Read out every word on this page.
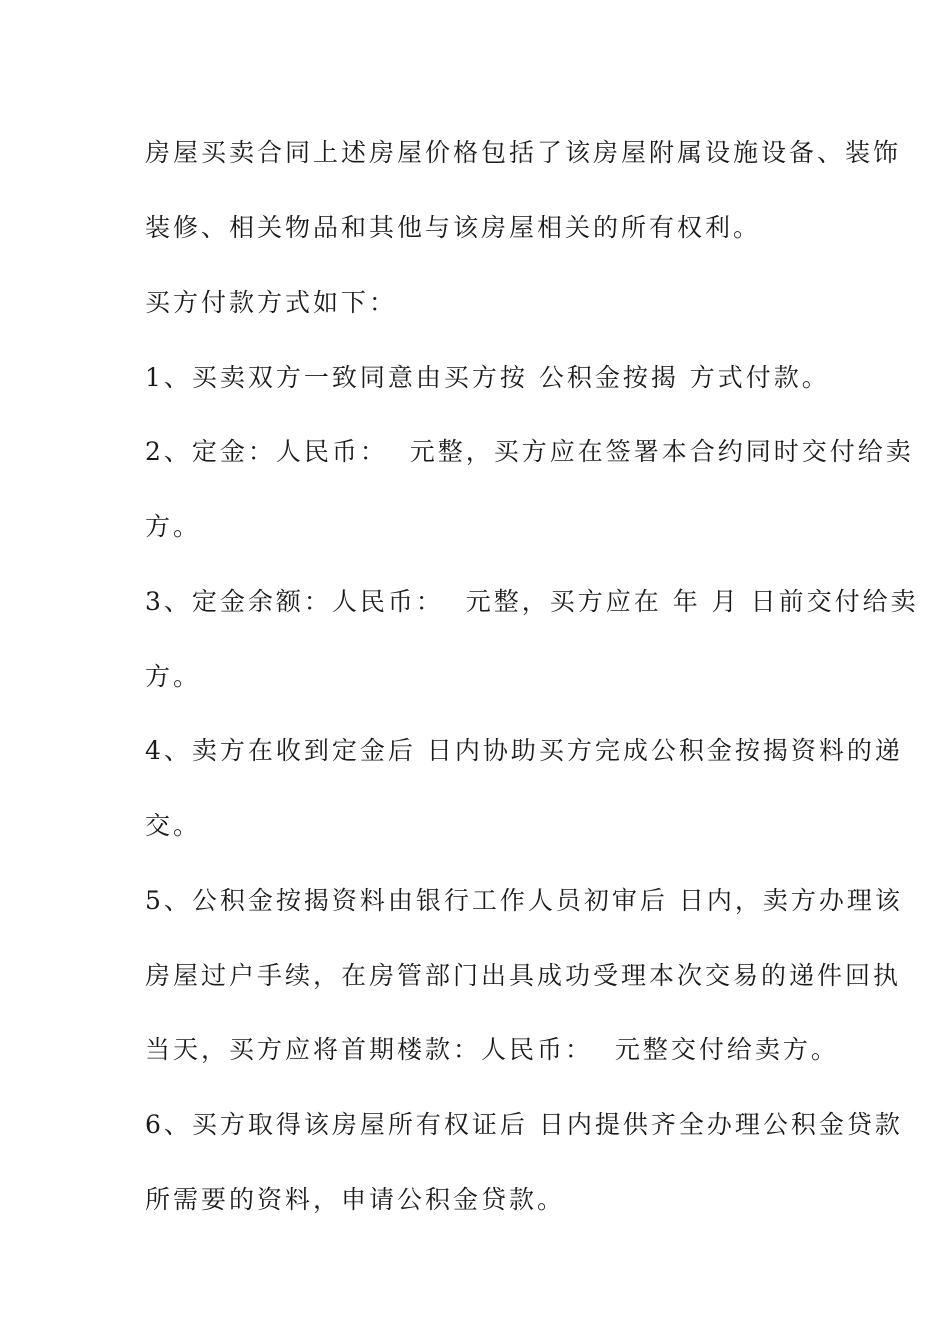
房屋买卖合同上述房屋价格包括了该房屋附属设施设备、装饰
装修、相关物品和其他与该房屋相关的所有权利。
买方付款方式如下：
1、买卖双方一致同意由买方按 公积金按揭 方式付款。
2、定金：人民币：  元整，买方应在签署本合约同时交付给卖
方。
3、定金余额：人民币：  元整，买方应在 年 月 日前交付给卖
方。
4、卖方在收到定金后 日内协助买方完成公积金按揭资料的递
交。
5、公积金按揭资料由银行工作人员初审后 日内，卖方办理该
房屋过户手续，在房管部门出具成功受理本次交易的递件回执
当天，买方应将首期楼款：人民币：  元整交付给卖方。
6、买方取得该房屋所有权证后 日内提供齐全办理公积金贷款
所需要的资料，申请公积金贷款。
